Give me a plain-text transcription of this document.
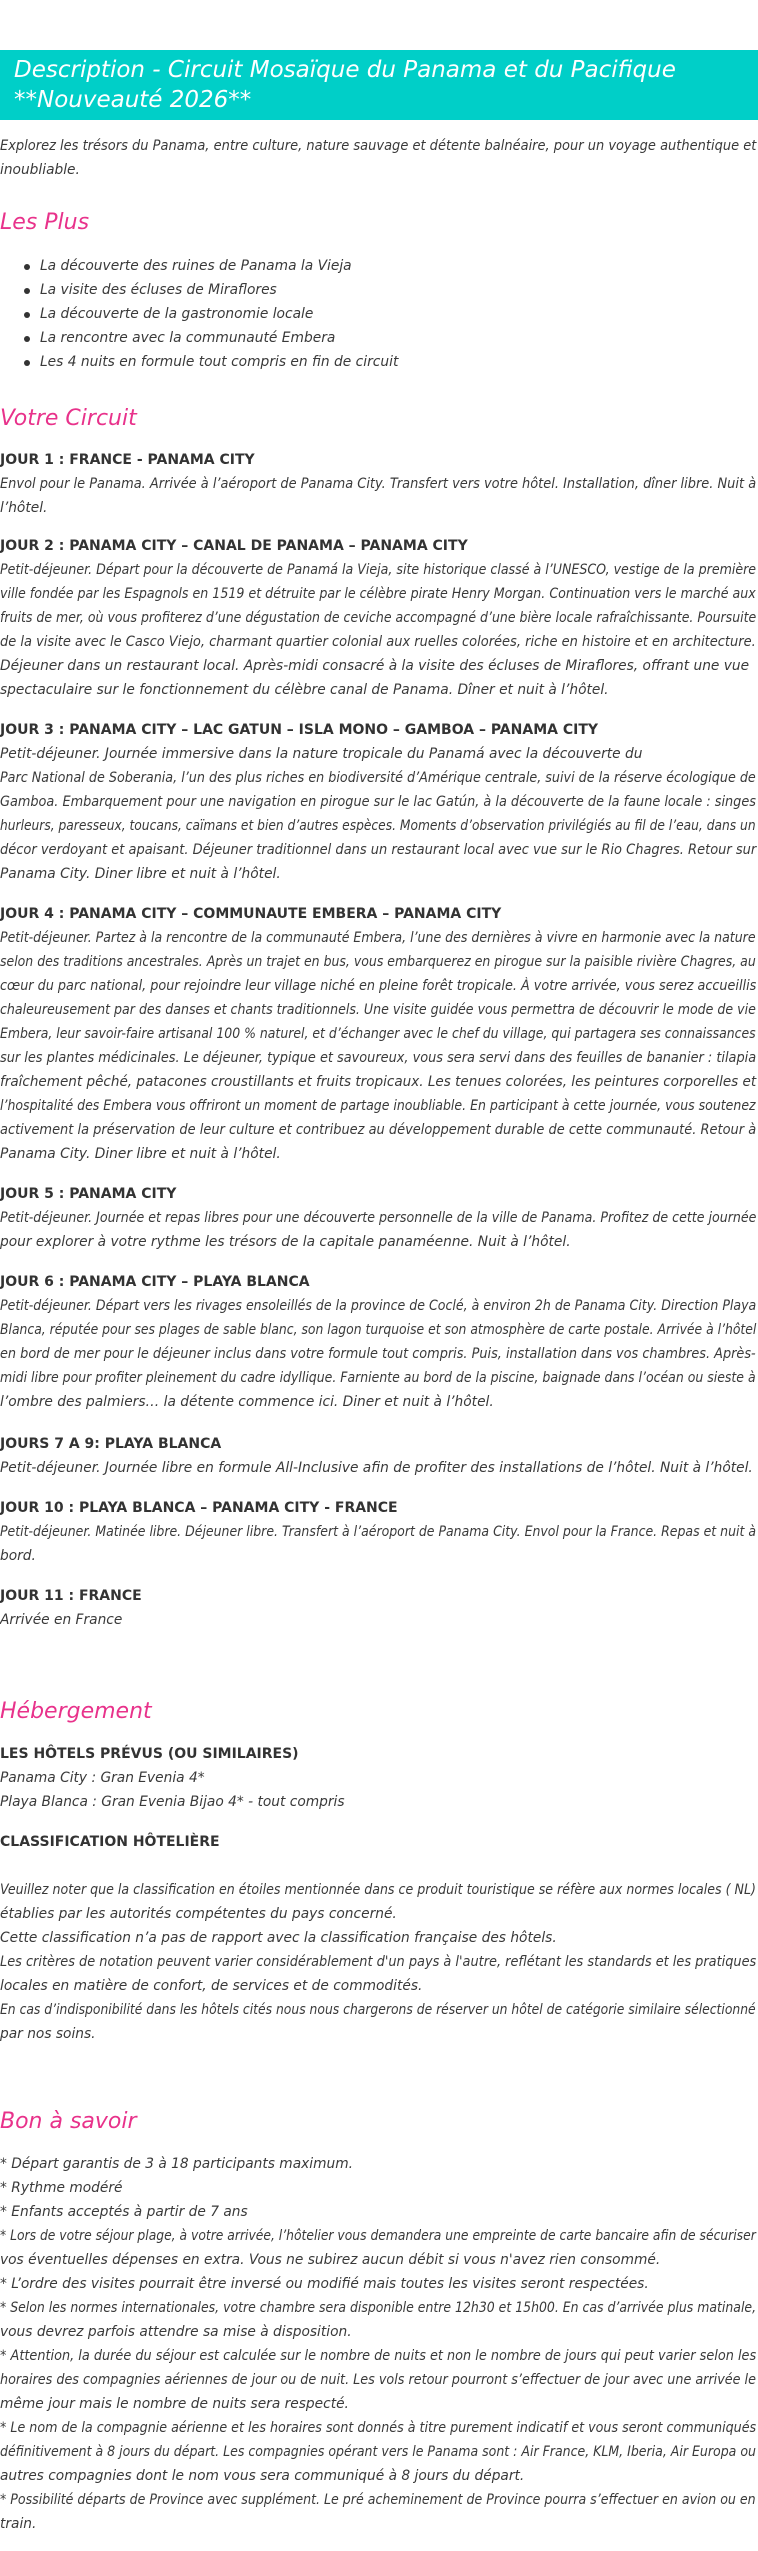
Description - Circuit Mosaïque du Panama et du Pacifique
**Nouveauté 2026**
Explorez les trésors du Panama, entre culture, nature sauvage et détente balnéaire, pour un voyage authentique et
inoubliable.
Les Plus
La découverte des ruines de Panama la Vieja
La visite des écluses de Miraflores
La découverte de la gastronomie locale
La rencontre avec la communauté Embera
Les 4 nuits en formule tout compris en fin de circuit
Votre Circuit
JOUR 1 : FRANCE - PANAMA CITY
Envol pour le Panama. Arrivée à l’aéroport de Panama City. Transfert vers votre hôtel. Installation, dîner libre. Nuit à
l’hôtel.
JOUR 2 : PANAMA CITY – CANAL DE PANAMA – PANAMA CITY
Petit-déjeuner. Départ pour la découverte de Panamá la Vieja, site historique classé à l’UNESCO, vestige de la première
ville fondée par les Espagnols en 1519 et détruite par le célèbre pirate Henry Morgan. Continuation vers le marché aux
fruits de mer, où vous profiterez d’une dégustation de ceviche accompagné d’une bière locale rafraîchissante. Poursuite
de la visite avec le Casco Viejo, charmant quartier colonial aux ruelles colorées, riche en histoire et en architecture.
Déjeuner dans un restaurant local. Après-midi consacré à la visite des écluses de Miraflores, offrant une vue
spectaculaire sur le fonctionnement du célèbre canal de Panama. Dîner et nuit à l’hôtel.
JOUR 3 : PANAMA CITY – LAC GATUN – ISLA MONO – GAMBOA – PANAMA CITY
Petit-déjeuner. Journée immersive dans la nature tropicale du Panamá avec la découverte du
Parc National de Soberania, l’un des plus riches en biodiversité d’Amérique centrale, suivi de la réserve écologique de
Gamboa. Embarquement pour une navigation en pirogue sur le lac Gatún, à la découverte de la faune locale : singes
hurleurs, paresseux, toucans, caïmans et bien d’autres espèces. Moments d’observation privilégiés au fil de l’eau, dans un
décor verdoyant et apaisant. Déjeuner traditionnel dans un restaurant local avec vue sur le Rio Chagres. Retour sur
Panama City. Diner libre et nuit à l’hôtel.
JOUR 4 : PANAMA CITY – COMMUNAUTE EMBERA – PANAMA CITY
Petit-déjeuner. Partez à la rencontre de la communauté Embera, l’une des dernières à vivre en harmonie avec la nature
selon des traditions ancestrales. Après un trajet en bus, vous embarquerez en pirogue sur la paisible rivière Chagres, au
cœur du parc national, pour rejoindre leur village niché en pleine forêt tropicale. À votre arrivée, vous serez accueillis
chaleureusement par des danses et chants traditionnels. Une visite guidée vous permettra de découvrir le mode de vie
Embera, leur savoir-faire artisanal 100 % naturel, et d’échanger avec le chef du village, qui partagera ses connaissances
sur les plantes médicinales. Le déjeuner, typique et savoureux, vous sera servi dans des feuilles de bananier : tilapia
fraîchement pêché, patacones croustillants et fruits tropicaux. Les tenues colorées, les peintures corporelles et
l’hospitalité des Embera vous offriront un moment de partage inoubliable. En participant à cette journée, vous soutenez
activement la préservation de leur culture et contribuez au développement durable de cette communauté. Retour à
Panama City. Diner libre et nuit à l’hôtel.
JOUR 5 : PANAMA CITY
Petit-déjeuner. Journée et repas libres pour une découverte personnelle de la ville de Panama. Profitez de cette journée
pour explorer à votre rythme les trésors de la capitale panaméenne. Nuit à l’hôtel.
JOUR 6 : PANAMA CITY – PLAYA BLANCA
Petit-déjeuner. Départ vers les rivages ensoleillés de la province de Coclé, à environ 2h de Panama City. Direction Playa
Blanca, réputée pour ses plages de sable blanc, son lagon turquoise et son atmosphère de carte postale. Arrivée à l’hôtel
en bord de mer pour le déjeuner inclus dans votre formule tout compris. Puis, installation dans vos chambres. Après-
midi libre pour profiter pleinement du cadre idyllique. Farniente au bord de la piscine, baignade dans l’océan ou sieste à
l’ombre des palmiers… la détente commence ici. Diner et nuit à l’hôtel.
JOURS 7 A 9: PLAYA BLANCA
Petit-déjeuner. Journée libre en formule All-Inclusive afin de profiter des installations de l’hôtel. Nuit à l’hôtel.
JOUR 10 : PLAYA BLANCA – PANAMA CITY - FRANCE
Petit-déjeuner. Matinée libre. Déjeuner libre. Transfert à l’aéroport de Panama City. Envol pour la France. Repas et nuit à
bord.
JOUR 11 : FRANCE
Arrivée en France
Hébergement
LES HÔTELS PRÉVUS (OU SIMILAIRES)
Panama City : Gran Evenia 4*
Playa Blanca : Gran Evenia Bijao 4* - tout compris
CLASSIFICATION HÔTELIÈRE
Veuillez noter que la classification en étoiles mentionnée dans ce produit touristique se réfère aux normes locales ( NL)
établies par les autorités compétentes du pays concerné.
Cette classification n’a pas de rapport avec la classification française des hôtels.
Les critères de notation peuvent varier considérablement d'un pays à l'autre, reflétant les standards et les pratiques
locales en matière de confort, de services et de commodités.
En cas d’indisponibilité dans les hôtels cités nous nous chargerons de réserver un hôtel de catégorie similaire sélectionné
par nos soins.
Bon à savoir
* Départ garantis de 3 à 18 participants maximum.
* Rythme modéré
* Enfants acceptés à partir de 7 ans
* Lors de votre séjour plage, à votre arrivée, l’hôtelier vous demandera une empreinte de carte bancaire afin de sécuriser
vos éventuelles dépenses en extra. Vous ne subirez aucun débit si vous n'avez rien consommé.
* L’ordre des visites pourrait être inversé ou modifié mais toutes les visites seront respectées.
* Selon les normes internationales, votre chambre sera disponible entre 12h30 et 15h00. En cas d’arrivée plus matinale,
vous devrez parfois attendre sa mise à disposition.
* Attention, la durée du séjour est calculée sur le nombre de nuits et non le nombre de jours qui peut varier selon les
horaires des compagnies aériennes de jour ou de nuit. Les vols retour pourront s’effectuer de jour avec une arrivée le
même jour mais le nombre de nuits sera respecté.
* Le nom de la compagnie aérienne et les horaires sont donnés à titre purement indicatif et vous seront communiqués
définitivement à 8 jours du départ. Les compagnies opérant vers le Panama sont : Air France, KLM, Iberia, Air Europa ou
autres compagnies dont le nom vous sera communiqué à 8 jours du départ.
* Possibilité départs de Province avec supplément. Le pré acheminement de Province pourra s’effectuer en avion ou en
train.
